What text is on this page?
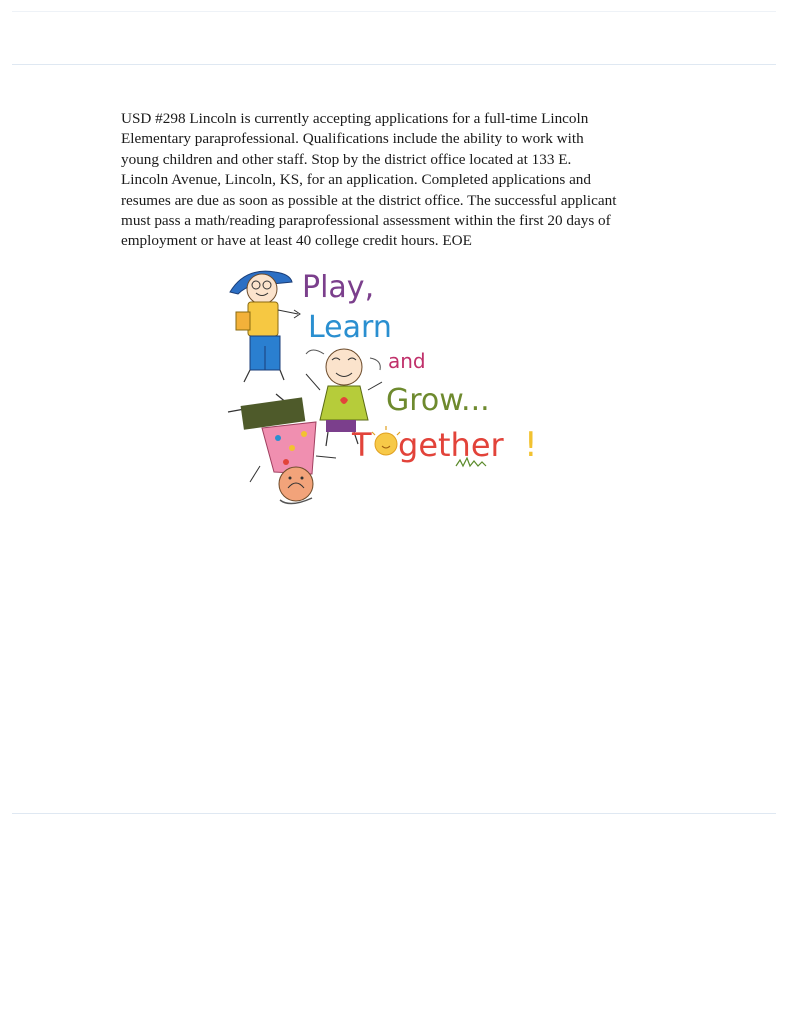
USD #298 Lincoln is currently accepting applications for a full-time Lincoln
Elementary paraprofessional. Qualifications include the ability to work with
young children and other staff. Stop by the district office located at 133 E.
Lincoln Avenue, Lincoln, KS, for an application. Completed applications and
resumes are due as soon as possible at the district office. The successful applicant
must pass a math/reading paraprofessional assessment within the first 20 days of
employment or have at least 40 college credit hours. EOE

Play,
Learn
and
Grow...
T gether !
